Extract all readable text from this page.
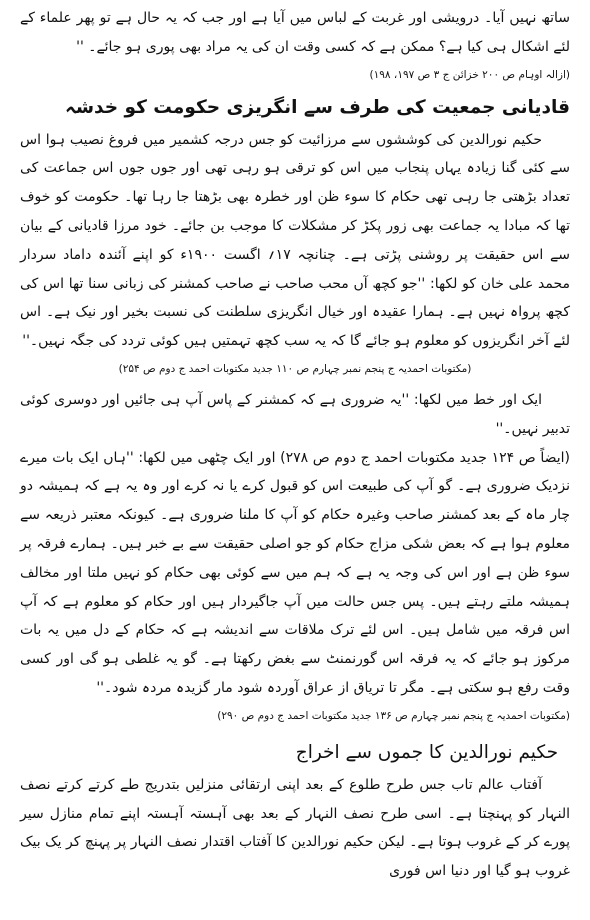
ساتھ نہیں آیا۔ درویشی اور غربت کے لباس میں آیا ہے اور جب کہ یہ حال ہے تو پھر علماء کے لئے اشکال ہی کیا ہے؟ ممکن ہے کہ کسی وقت ان کی یہ مراد بھی پوری ہو جائے۔ ''

(ازالہ اوہام ص ۲۰۰ خزائن ج ۳ ص ۱۹۷، ۱۹۸)
قادیانی جمعیت کی طرف سے انگریزی حکومت کو خدشہ

حکیم نورالدین کی کوششوں سے مرزائیت کو جس درجہ کشمیر میں فروغ نصیب ہوا اس سے کئی گنا زیادہ یہاں پنجاب میں اس کو ترقی ہو رہی تھی اور جوں جوں اس جماعت کی تعداد بڑھتی جا رہی تھی حکام کا سوء ظن اور خطرہ بھی بڑھتا جا رہا تھا۔ حکومت کو خوف تھا کہ مبادا یہ جماعت بھی زور پکڑ کر مشکلات کا موجب بن جائے۔ خود مرزا قادیانی کے بیان سے اس حقیقت پر روشنی پڑتی ہے۔ چنانچہ ۱۷؍ اگست ۱۹۰۰ء کو اپنے آئندہ داماد سردار محمد علی خان کو لکھا: ''جو کچھ آں محب صاحب نے صاحب کمشنر کی زبانی سنا تھا اس کی کچھ پرواہ نہیں ہے۔ ہمارا عقیدہ اور خیال انگریزی سلطنت کی نسبت بخیر اور نیک ہے۔ اس لئے آخر انگریزوں کو معلوم ہو جائے گا کہ یہ سب کچھ تہمتیں ہیں کوئی تردد کی جگہ نہیں۔''

(مکتوبات احمدیہ ج پنجم نمبر چہارم ص ۱۱۰ جدید مکتوبات احمد ج دوم ص ۲۵۴)

ایک اور خط میں لکھا: ''یہ ضروری ہے کہ کمشنر کے پاس آپ ہی جائیں اور دوسری کوئی تدبیر نہیں۔''

(ایضاً ص ۱۲۴ جدید مکتوبات احمد ج دوم ص ۲۷۸) اور ایک چٹھی میں لکھا: ''ہاں ایک بات میرے نزدیک ضروری ہے۔ گو آپ کی طبیعت اس کو قبول کرے یا نہ کرے اور وہ یہ ہے کہ ہمیشہ دو چار ماہ کے بعد کمشنر صاحب وغیرہ حکام کو آپ کا ملنا ضروری ہے۔ کیونکہ معتبر ذریعہ سے معلوم ہوا ہے کہ بعض شکی مزاج حکام کو جو اصلی حقیقت سے بے خبر ہیں۔ ہمارے فرقہ پر سوء ظن ہے اور اس کی وجہ یہ ہے کہ ہم میں سے کوئی بھی حکام کو نہیں ملتا اور مخالف ہمیشہ ملتے رہتے ہیں۔ پس جس حالت میں آپ جاگیردار ہیں اور حکام کو معلوم ہے کہ آپ اس فرقہ میں شامل ہیں۔ اس لئے ترک ملاقات سے اندیشہ ہے کہ حکام کے دل میں یہ بات مرکوز ہو جائے کہ یہ فرقہ اس گورنمنٹ سے بغض رکھتا ہے۔ گو یہ غلطی ہو گی اور کسی وقت رفع ہو سکتی ہے۔ مگر تا تریاق از عراق آوردہ شود مار گزیدہ مردہ شود۔''

(مکتوبات احمدیہ ج پنجم نمبر چہارم ص ۱۳۶ جدید مکتوبات احمد ج دوم ص ۲۹۰)
حکیم نورالدین کا جموں سے اخراج

آفتاب عالم تاب جس طرح طلوع کے بعد اپنی ارتقائی منزلیں بتدریج طے کرتے کرتے نصف النہار کو پہنچتا ہے۔ اسی طرح نصف النہار کے بعد بھی آہستہ آہستہ اپنے تمام منازل سیر پورے کر کے غروب ہوتا ہے۔ لیکن حکیم نورالدین کا آفتاب اقتدار نصف النہار پر پہنچ کر یک بیک غروب ہو گیا اور دنیا اس فوری
